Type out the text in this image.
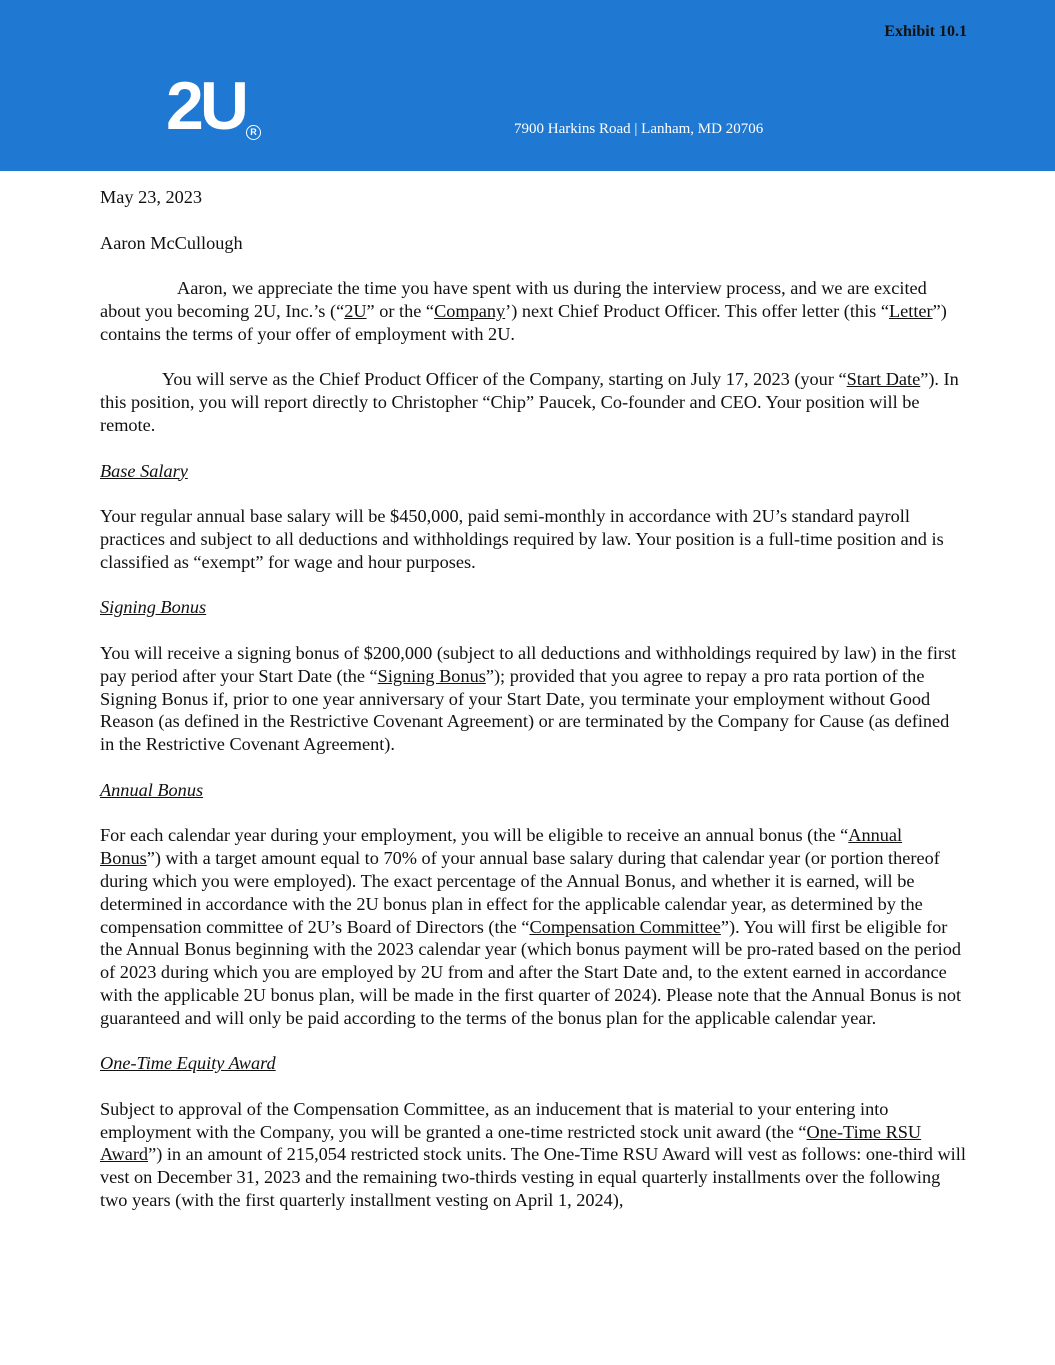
Exhibit 10.1
2U R	7900 Harkins Road | Lanham, MD 20706

May 23, 2023

Aaron McCullough

Aaron, we appreciate the time you have spent with us during the interview process, and we are excited about you becoming 2U, Inc.’s (“2U” or the “Company’) next Chief Product Officer. This offer letter (this “Letter”) contains the terms of your offer of employment with 2U.

You will serve as the Chief Product Officer of the Company, starting on July 17, 2023 (your “Start Date”). In this position, you will report directly to Christopher “Chip” Paucek, Co-founder and CEO. Your position will be remote.

Base Salary

Your regular annual base salary will be $450,000, paid semi-monthly in accordance with 2U’s standard payroll practices and subject to all deductions and withholdings required by law. Your position is a full-time position and is classified as “exempt” for wage and hour purposes.

Signing Bonus

You will receive a signing bonus of $200,000 (subject to all deductions and withholdings required by law) in the first pay period after your Start Date (the “Signing Bonus”); provided that you agree to repay a pro rata portion of the Signing Bonus if, prior to one year anniversary of your Start Date, you terminate your employment without Good Reason (as defined in the Restrictive Covenant Agreement) or are terminated by the Company for Cause (as defined in the Restrictive Covenant Agreement).

Annual Bonus

For each calendar year during your employment, you will be eligible to receive an annual bonus (the “Annual Bonus”) with a target amount equal to 70% of your annual base salary during that calendar year (or portion thereof during which you were employed). The exact percentage of the Annual Bonus, and whether it is earned, will be determined in accordance with the 2U bonus plan in effect for the applicable calendar year, as determined by the compensation committee of 2U’s Board of Directors (the “Compensation Committee”). You will first be eligible for the Annual Bonus beginning with the 2023 calendar year (which bonus payment will be pro-rated based on the period of 2023 during which you are employed by 2U from and after the Start Date and, to the extent earned in accordance with the applicable 2U bonus plan, will be made in the first quarter of 2024). Please note that the Annual Bonus is not guaranteed and will only be paid according to the terms of the bonus plan for the applicable calendar year.

One-Time Equity Award

Subject to approval of the Compensation Committee, as an inducement that is material to your entering into employment with the Company, you will be granted a one-time restricted stock unit award (the “One-Time RSU Award”) in an amount of 215,054 restricted stock units. The One-Time RSU Award will vest as follows: one-third will vest on December 31, 2023 and the remaining two-thirds vesting in equal quarterly installments over the following two years (with the first quarterly installment vesting on April 1, 2024),
